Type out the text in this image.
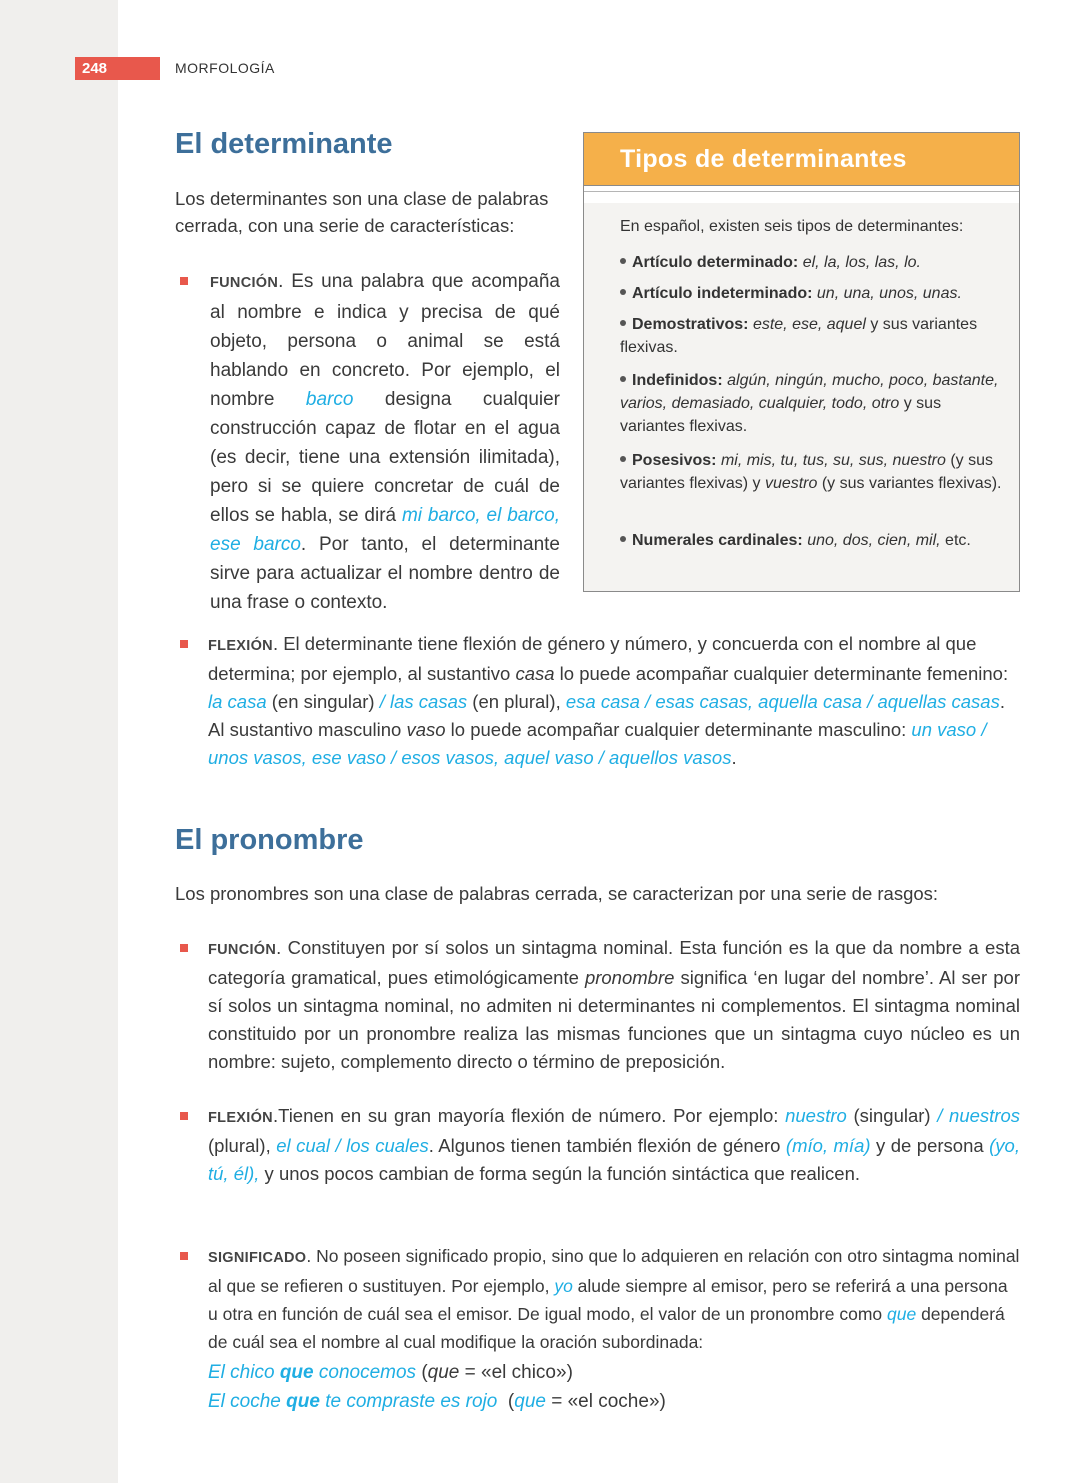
248	MORFOLOGÍA
El determinante

Los determinantes son una clase de palabras cerrada, con una serie de características:

FUNCIÓN. Es una palabra que acompaña al nombre e indica y precisa de qué objeto, persona o animal se está hablando en concreto. Por ejemplo, el nombre barco designa cualquier construcción capaz de flotar en el agua (es decir, tiene una extensión ilimitada), pero si se quiere concretar de cuál de ellos se habla, se dirá mi barco, el barco, ese barco. Por tanto, el determinante sirve para actualizar el nombre dentro de una frase o contexto.
Tipos de determinantes
En español, existen seis tipos de determinantes:
Artículo determinado: el, la, los, las, lo.
Artículo indeterminado: un, una, unos, unas.
Demostrativos: este, ese, aquel y sus variantes flexivas.
Indefinidos: algún, ningún, mucho, poco, bastante, varios, demasiado, cualquier, todo, otro y sus variantes flexivas.
Posesivos: mi, mis, tu, tus, su, sus, nuestro (y sus variantes flexivas) y vuestro (y sus variantes flexivas).
Numerales cardinales: uno, dos, cien, mil, etc.
FLEXIÓN. El determinante tiene flexión de género y número, y concuerda con el nombre al que determina; por ejemplo, al sustantivo casa lo puede acompañar cualquier determinante femenino: la casa (en singular) / las casas (en plural), esa casa / esas casas, aquella casa / aquellas casas. Al sustantivo masculino vaso lo puede acompañar cualquier determinante masculino: un vaso / unos vasos, ese vaso / esos vasos, aquel vaso / aquellos vasos.
El pronombre

Los pronombres son una clase de palabras cerrada, se caracterizan por una serie de rasgos:

FUNCIÓN. Constituyen por sí solos un sintagma nominal. Esta función es la que da nombre a esta categoría gramatical, pues etimológicamente pronombre significa ‘en lugar del nombre’. Al ser por sí solos un sintagma nominal, no admiten ni determinantes ni complementos. El sintagma nominal constituido por un pronombre realiza las mismas funciones que un sintagma cuyo núcleo es un nombre: sujeto, complemento directo o término de preposición.
FLEXIÓN.Tienen en su gran mayoría flexión de número. Por ejemplo: nuestro (singular) / nuestros (plural), el cual / los cuales. Algunos tienen también flexión de género (mío, mía) y de persona (yo, tú, él), y unos pocos cambian de forma según la función sintáctica que realicen.
SIGNIFICADO. No poseen significado propio, sino que lo adquieren en relación con otro sintagma nominal al que se refieren o sustituyen. Por ejemplo, yo alude siempre al emisor, pero se referirá a una persona u otra en función de cuál sea el emisor. De igual modo, el valor de un pronombre como que dependerá de cuál sea el nombre al cual modifique la oración subordinada:
El chico que conocemos (que = «el chico»)
El coche que te compraste es rojo  (que = «el coche»)
